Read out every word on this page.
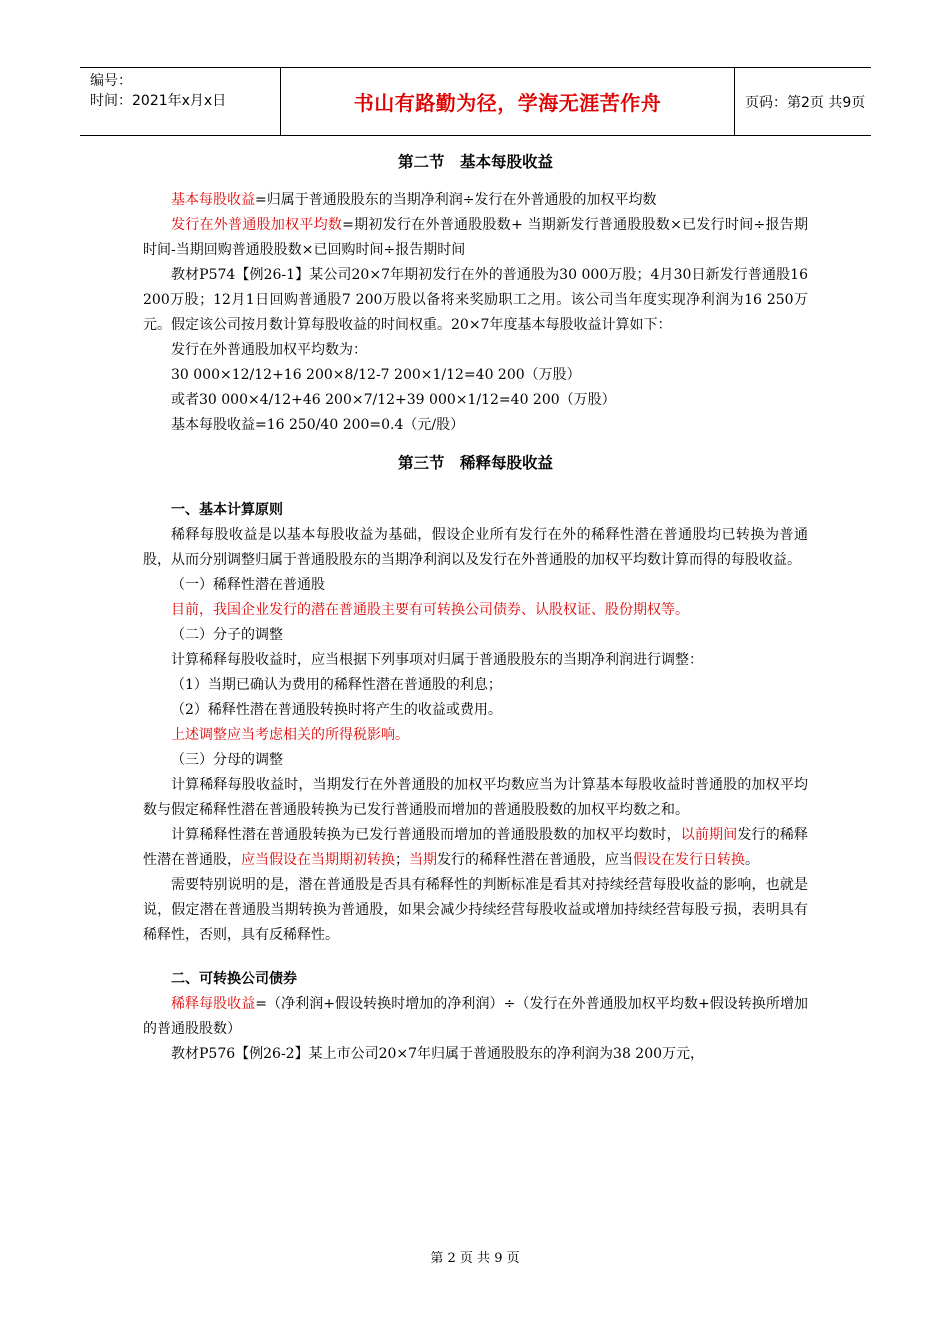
编号：
时间：2021年x月x日	书山有路勤为径，学海无涯苦作舟	页码：第2页 共9页

第二节　基本每股收益

基本每股收益=归属于普通股股东的当期净利润÷发行在外普通股的加权平均数

发行在外普通股加权平均数=期初发行在外普通股股数+ 当期新发行普通股股数×已发行时间÷报告期时间-当期回购普通股股数×已回购时间÷报告期时间

教材P574【例26-1】某公司20×7年期初发行在外的普通股为30 000万股；4月30日新发行普通股16 200万股；12月1日回购普通股7 200万股以备将来奖励职工之用。该公司当年度实现净利润为16 250万元。假定该公司按月数计算每股收益的时间权重。20×7年度基本每股收益计算如下：

发行在外普通股加权平均数为：

30 000×12/12+16 200×8/12-7 200×1/12=40 200（万股）

或者30 000×4/12+46 200×7/12+39 000×1/12=40 200（万股）

基本每股收益=16 250/40 200=0.4（元/股）

第三节　稀释每股收益

一、基本计算原则

稀释每股收益是以基本每股收益为基础，假设企业所有发行在外的稀释性潜在普通股均已转换为普通股，从而分别调整归属于普通股股东的当期净利润以及发行在外普通股的加权平均数计算而得的每股收益。

（一）稀释性潜在普通股

目前，我国企业发行的潜在普通股主要有可转换公司债券、认股权证、股份期权等。

（二）分子的调整

计算稀释每股收益时，应当根据下列事项对归属于普通股股东的当期净利润进行调整：

（1）当期已确认为费用的稀释性潜在普通股的利息；

（2）稀释性潜在普通股转换时将产生的收益或费用。

上述调整应当考虑相关的所得税影响。

（三）分母的调整

计算稀释每股收益时，当期发行在外普通股的加权平均数应当为计算基本每股收益时普通股的加权平均数与假定稀释性潜在普通股转换为已发行普通股而增加的普通股股数的加权平均数之和。

计算稀释性潜在普通股转换为已发行普通股而增加的普通股股数的加权平均数时，以前期间发行的稀释性潜在普通股，应当假设在当期期初转换；当期发行的稀释性潜在普通股，应当假设在发行日转换。

需要特别说明的是，潜在普通股是否具有稀释性的判断标准是看其对持续经营每股收益的影响，也就是说，假定潜在普通股当期转换为普通股，如果会减少持续经营每股收益或增加持续经营每股亏损，表明具有稀释性，否则，具有反稀释性。

二、可转换公司债券

稀释每股收益=（净利润+假设转换时增加的净利润）÷（发行在外普通股加权平均数+假设转换所增加的普通股股数）

教材P576【例26-2】某上市公司20×7年归属于普通股股东的净利润为38 200万元，

第 2 页 共 9 页
